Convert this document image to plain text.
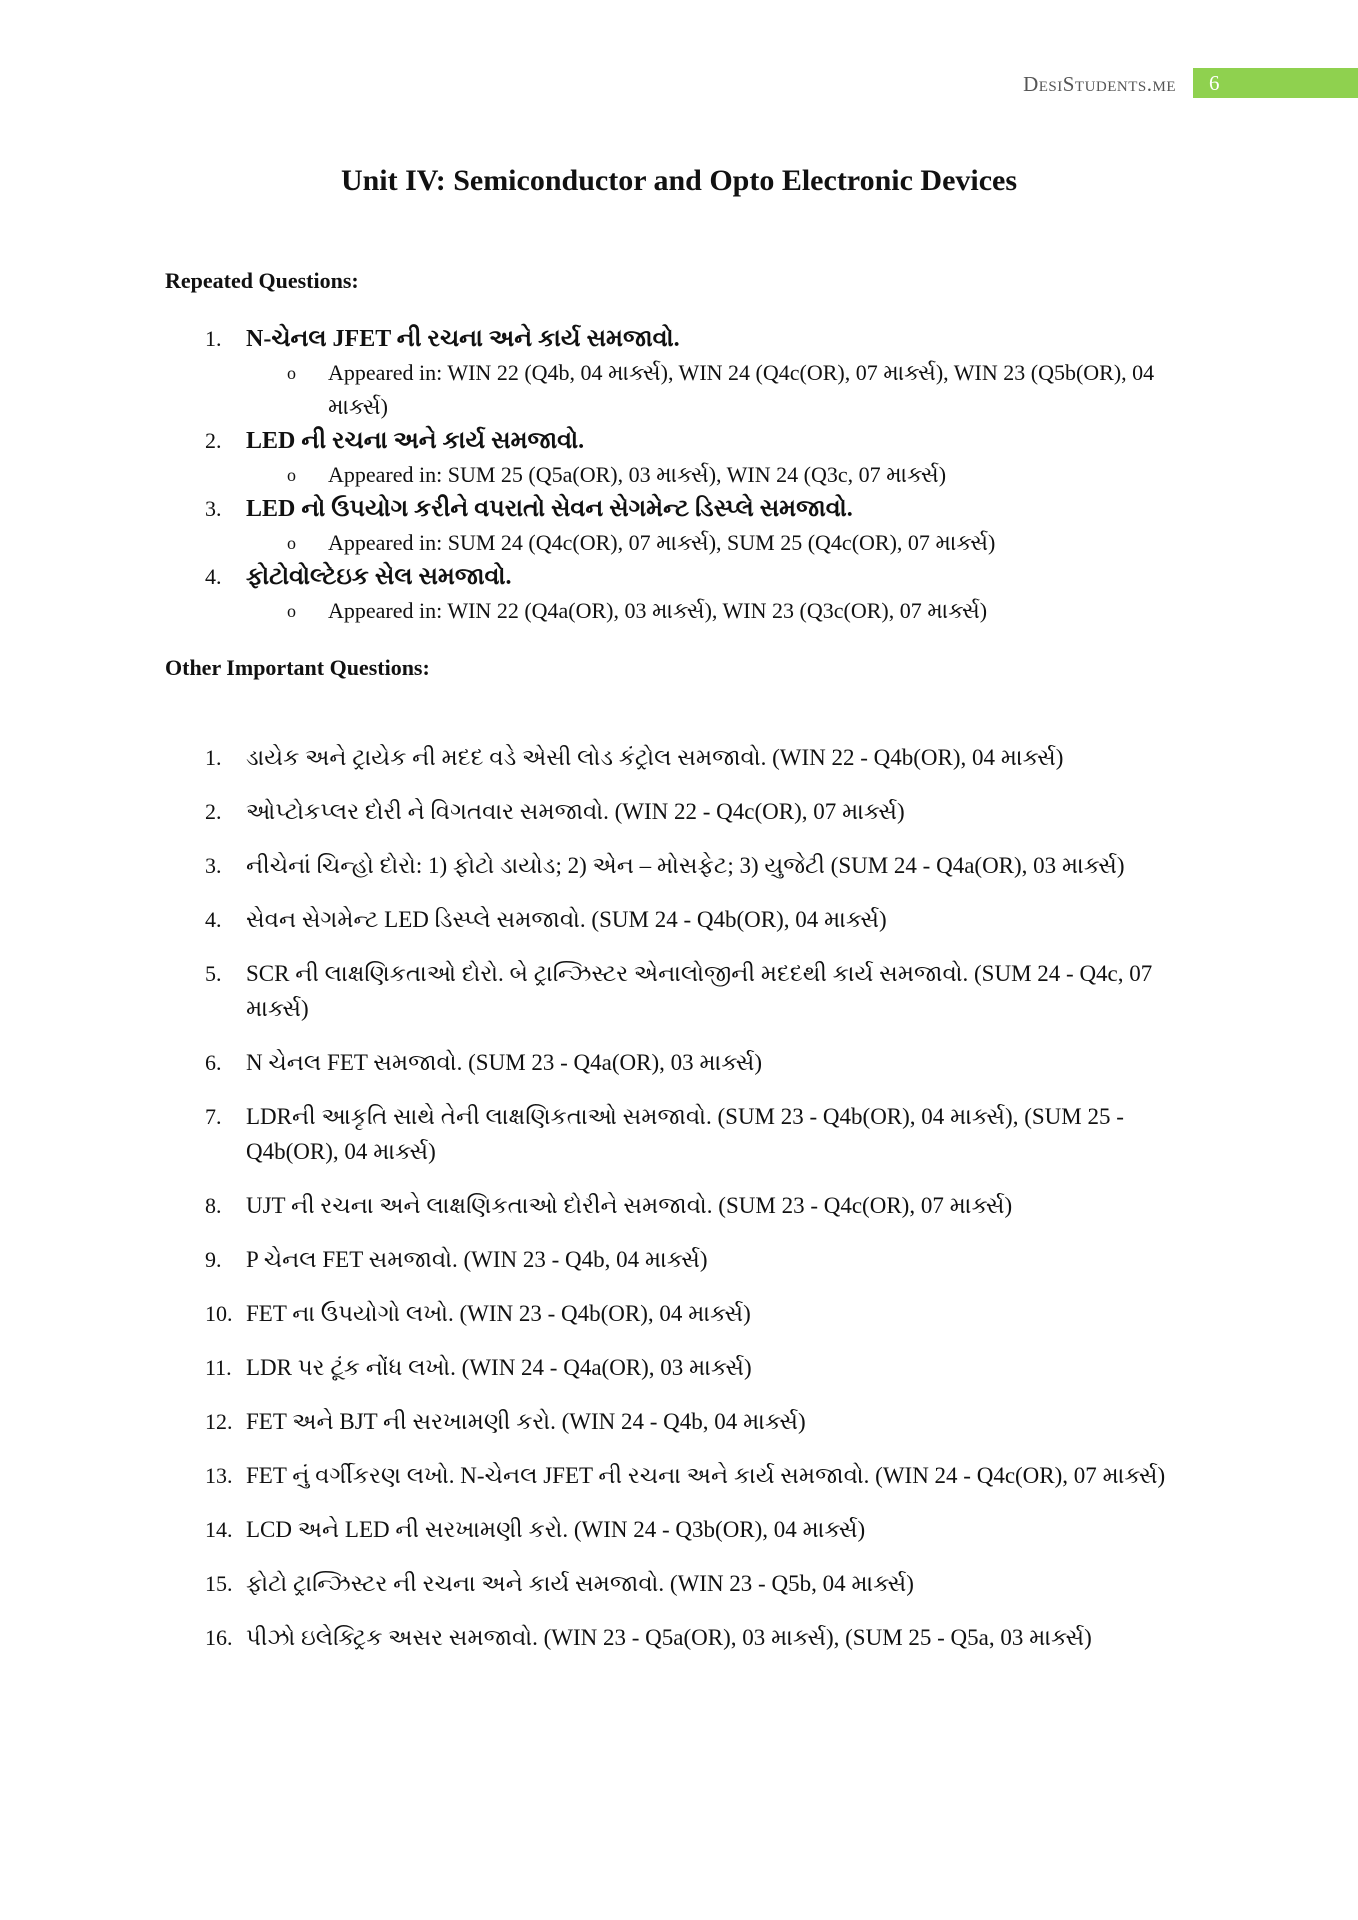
DesiStudents.me	6
Unit IV: Semiconductor and Opto Electronic Devices
Repeated Questions:
1.	N-ચેનલ JFET ની રચના અને કાર્ય સમજાવો.
o	Appeared in: WIN 22 (Q4b, 04 માર્ક્સ), WIN 24 (Q4c(OR), 07 માર્ક્સ), WIN 23 (Q5b(OR), 04 માર્ક્સ)
2.	LED ની રચના અને કાર્ય સમજાવો.
o	Appeared in: SUM 25 (Q5a(OR), 03 માર્ક્સ), WIN 24 (Q3c, 07 માર્ક્સ)
3.	LED નો ઉપયોગ કરીને વપરાતો સેવન સેગમેન્ટ ડિસ્પ્લે સમજાવો.
o	Appeared in: SUM 24 (Q4c(OR), 07 માર્ક્સ), SUM 25 (Q4c(OR), 07 માર્ક્સ)
4.	ફોટોવોલ્ટેઇક સેલ સમજાવો.
o	Appeared in: WIN 22 (Q4a(OR), 03 માર્ક્સ), WIN 23 (Q3c(OR), 07 માર્ક્સ)
Other Important Questions:
1.	ડાયેક અને ટ્રાયેક ની મદદ વડે એસી લોડ કંટ્રોલ સમજાવો. (WIN 22 - Q4b(OR), 04 માર્ક્સ)
2.	ઓપ્ટોકપ્લર દોરી ને વિગતવાર સમજાવો. (WIN 22 - Q4c(OR), 07 માર્ક્સ)
3.	નીચેનાં ચિન્હો દોરો: 1) ફોટો ડાયોડ; 2) એન – મોસફેટ; 3) યુજેટી (SUM 24 - Q4a(OR), 03 માર્ક્સ)
4.	સેવન સેગમેન્ટ LED ડિસ્પ્લે સમજાવો. (SUM 24 - Q4b(OR), 04 માર્ક્સ)
5.	SCR ની લાક્ષણિકતાઓ દોરો. બે ટ્રાન્ઝિસ્ટર એનાલોજીની મદદથી કાર્ય સમજાવો. (SUM 24 - Q4c, 07 માર્ક્સ)
6.	N ચેનલ FET સમજાવો. (SUM 23 - Q4a(OR), 03 માર્ક્સ)
7.	LDRની આકૃતિ સાથે તેની લાક્ષણિકતાઓ સમજાવો. (SUM 23 - Q4b(OR), 04 માર્ક્સ), (SUM 25 - Q4b(OR), 04 માર્ક્સ)
8.	UJT ની રચના અને લાક્ષણિકતાઓ દોરીને સમજાવો. (SUM 23 - Q4c(OR), 07 માર્ક્સ)
9.	P ચેનલ FET સમજાવો. (WIN 23 - Q4b, 04 માર્ક્સ)
10. FET ના ઉપયોગો લખો. (WIN 23 - Q4b(OR), 04 માર્ક્સ)
11. LDR પર ટૂંક નોંધ લખો. (WIN 24 - Q4a(OR), 03 માર્ક્સ)
12. FET અને BJT ની સરખામણી કરો. (WIN 24 - Q4b, 04 માર્ક્સ)
13. FET નું વર્ગીકરણ લખો. N-ચેનલ JFET ની રચના અને કાર્ય સમજાવો. (WIN 24 - Q4c(OR), 07 માર્ક્સ)
14. LCD અને LED ની સરખામણી કરો. (WIN 24 - Q3b(OR), 04 માર્ક્સ)
15. ફોટો ટ્રાન્ઝિસ્ટર ની રચના અને કાર્ય સમજાવો. (WIN 23 - Q5b, 04 માર્ક્સ)
16. પીઝો ઇલેક્ટ્રિક અસર સમજાવો. (WIN 23 - Q5a(OR), 03 માર્ક્સ), (SUM 25 - Q5a, 03 માર્ક્સ)
